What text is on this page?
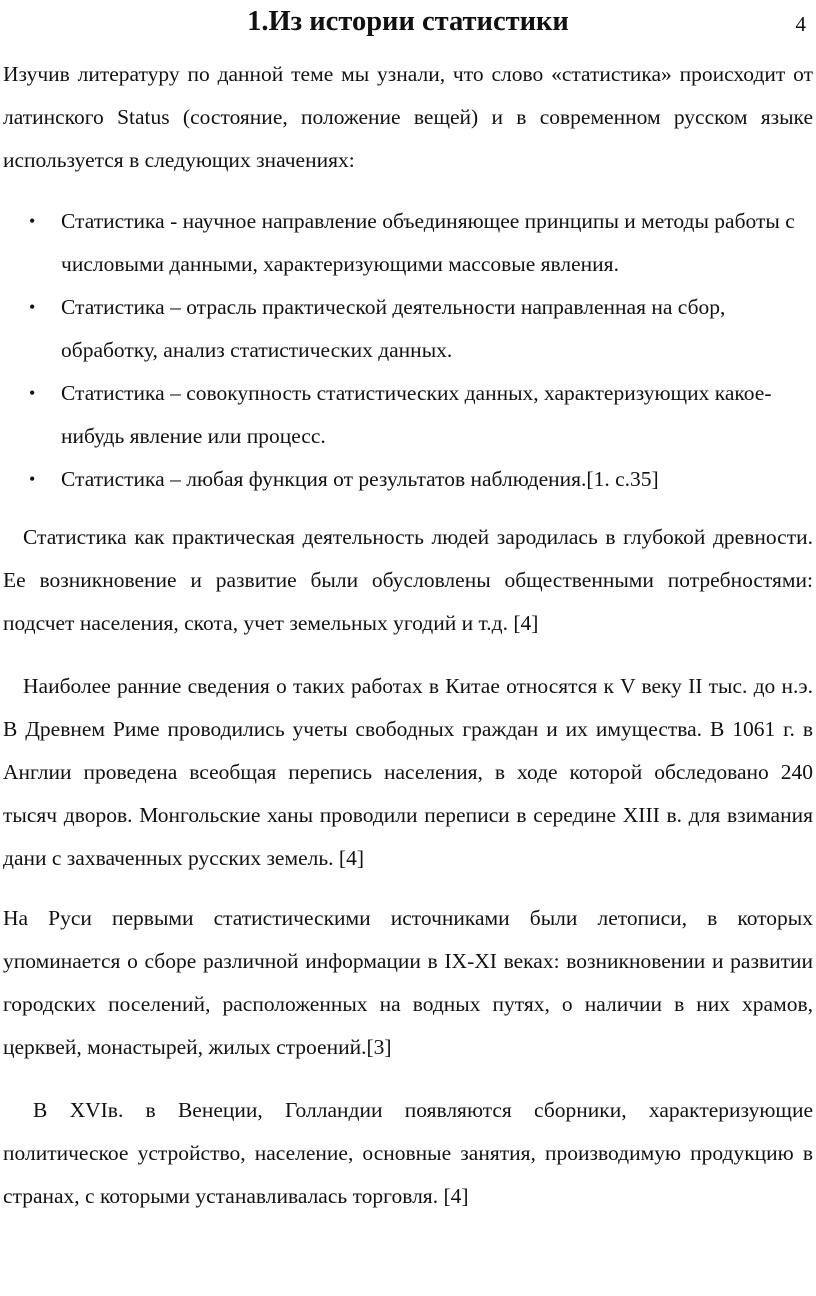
1.Из истории статистики	4

Изучив литературу по данной теме мы узнали, что слово «статистика» происходит от латинского Status (состояние, положение вещей) и в современном русском языке используется в следующих значениях:

• Статистика - научное направление объединяющее принципы и методы работы с числовыми данными, характеризующими массовые явления.
• Статистика – отрасль практической деятельности направленная на сбор, обработку, анализ статистических данных.
• Статистика – совокупность статистических данных, характеризующих какое-нибудь явление или процесс.
• Статистика – любая функция от результатов наблюдения.[1. с.35]

Статистика как практическая деятельность людей зародилась в глубокой древности. Ее возникновение и развитие были обусловлены общественными потребностями: подсчет населения, скота, учет земельных угодий и т.д. [4]

Наиболее ранние сведения о таких работах в Китае относятся к V веку II тыс. до н.э. В Древнем Риме проводились учеты свободных граждан и их имущества. В 1061 г. в Англии проведена всеобщая перепись населения, в ходе которой обследовано 240 тысяч дворов. Монгольские ханы проводили переписи в середине XIII в. для взимания дани с захваченных русских земель. [4]

На Руси первыми статистическими источниками были летописи, в которых упоминается о сборе различной информации в IX-XI веках: возникновении и развитии городских поселений, расположенных на водных путях, о наличии в них храмов, церквей, монастырей, жилых строений.[3]

В XVIв. в Венеции, Голландии появляются сборники, характеризующие политическое устройство, население, основные занятия, производимую продукцию в странах, с которыми устанавливалась торговля. [4]
